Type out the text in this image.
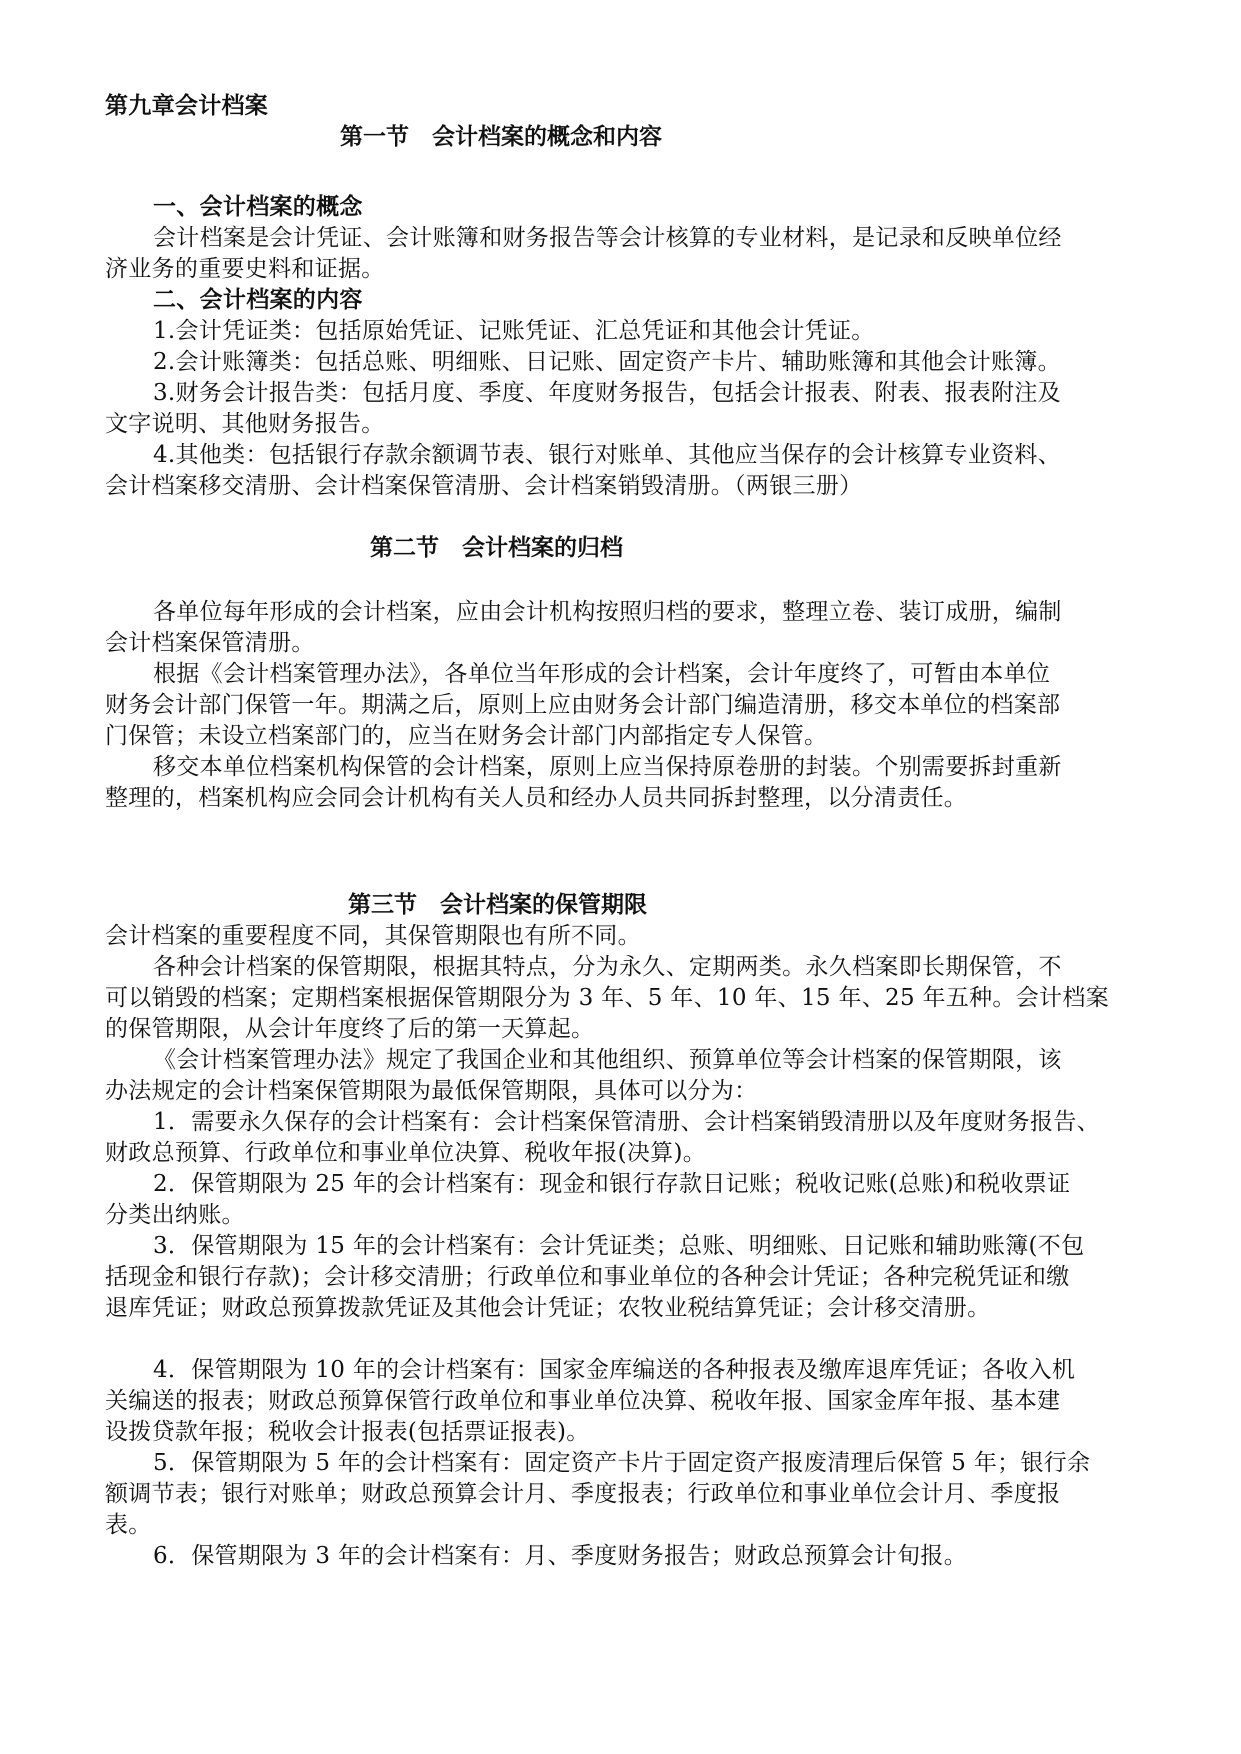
第九章会计档案
第一节　会计档案的概念和内容
一、会计档案的概念
会计档案是会计凭证、会计账簿和财务报告等会计核算的专业材料，是记录和反映单位经
济业务的重要史料和证据。
二、会计档案的内容
1.会计凭证类：包括原始凭证、记账凭证、汇总凭证和其他会计凭证。
2.会计账簿类：包括总账、明细账、日记账、固定资产卡片、辅助账簿和其他会计账簿。
3.财务会计报告类：包括月度、季度、年度财务报告，包括会计报表、附表、报表附注及
文字说明、其他财务报告。
4.其他类：包括银行存款余额调节表、银行对账单、其他应当保存的会计核算专业资料、
会计档案移交清册、会计档案保管清册、会计档案销毁清册。（两银三册）
第二节　会计档案的归档
各单位每年形成的会计档案，应由会计机构按照归档的要求，整理立卷、装订成册，编制
会计档案保管清册。
根据《会计档案管理办法》，各单位当年形成的会计档案，会计年度终了，可暂由本单位
财务会计部门保管一年。期满之后，原则上应由财务会计部门编造清册，移交本单位的档案部
门保管；未设立档案部门的，应当在财务会计部门内部指定专人保管。
移交本单位档案机构保管的会计档案，原则上应当保持原卷册的封装。个别需要拆封重新
整理的，档案机构应会同会计机构有关人员和经办人员共同拆封整理，以分清责任。
第三节　会计档案的保管期限
会计档案的重要程度不同，其保管期限也有所不同。
各种会计档案的保管期限，根据其特点，分为永久、定期两类。永久档案即长期保管，不
可以销毁的档案；定期档案根据保管期限分为 3 年、5 年、10 年、15 年、25 年五种。会计档案
的保管期限，从会计年度终了后的第一天算起。
《会计档案管理办法》规定了我国企业和其他组织、预算单位等会计档案的保管期限，该
办法规定的会计档案保管期限为最低保管期限，具体可以分为：
1．需要永久保存的会计档案有：会计档案保管清册、会计档案销毁清册以及年度财务报告、
财政总预算、行政单位和事业单位决算、税收年报(决算)。
2．保管期限为 25 年的会计档案有：现金和银行存款日记账；税收记账(总账)和税收票证
分类出纳账。
3．保管期限为 15 年的会计档案有：会计凭证类；总账、明细账、日记账和辅助账簿(不包
括现金和银行存款)；会计移交清册；行政单位和事业单位的各种会计凭证；各种完税凭证和缴
退库凭证；财政总预算拨款凭证及其他会计凭证；农牧业税结算凭证；会计移交清册。
4．保管期限为 10 年的会计档案有：国家金库编送的各种报表及缴库退库凭证；各收入机
关编送的报表；财政总预算保管行政单位和事业单位决算、税收年报、国家金库年报、基本建
设拨贷款年报；税收会计报表(包括票证报表)。
5．保管期限为 5 年的会计档案有：固定资产卡片于固定资产报废清理后保管 5 年；银行余
额调节表；银行对账单；财政总预算会计月、季度报表；行政单位和事业单位会计月、季度报
表。
6．保管期限为 3 年的会计档案有：月、季度财务报告；财政总预算会计旬报。
